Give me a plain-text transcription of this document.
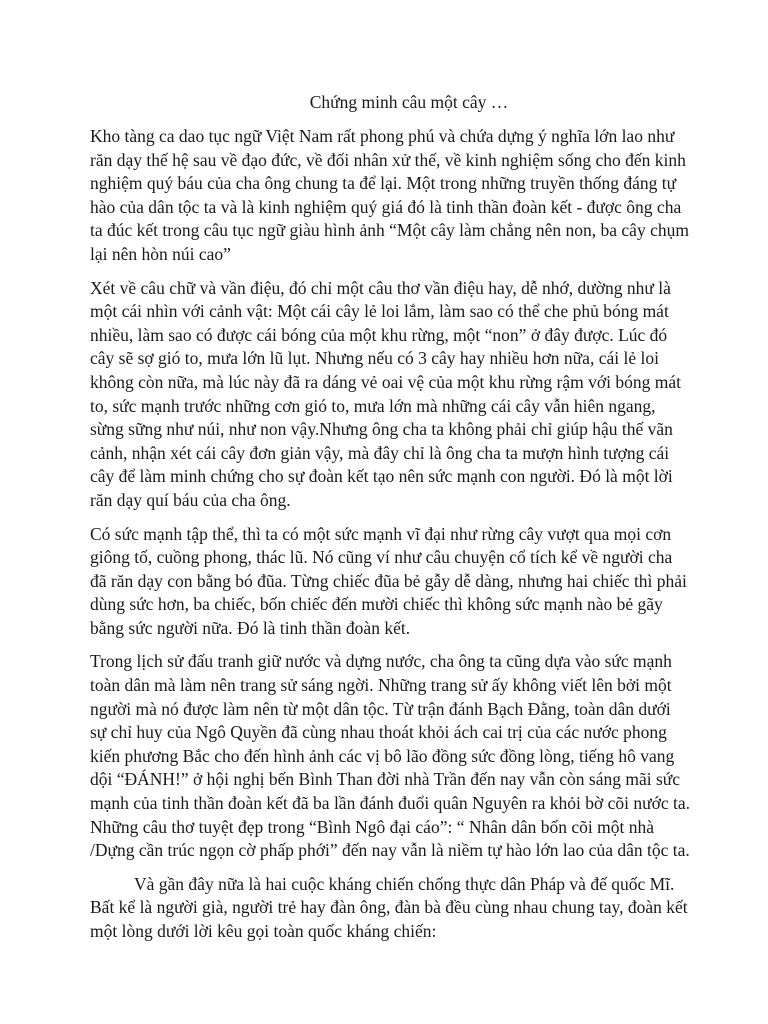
Chứng minh câu một cây …

Kho tàng ca dao tục ngữ Việt Nam rất phong phú và chứa dựng ý nghĩa lớn lao như răn dạy thế hệ sau về đạo đức, về đối nhân xử thế, về kinh nghiệm sống cho đến kinh nghiệm quý báu của cha ông chung ta để lại. Một trong những truyền thống đáng tự hào của dân tộc ta và là kinh nghiệm quý giá đó là tinh thần đoàn kết - được ông cha ta đúc kết trong câu tục ngữ giàu hình ảnh “Một cây làm chẳng nên non, ba cây chụm lại nên hòn núi cao”

Xét về câu chữ và vần điệu, đó chỉ một câu thơ vần điệu hay, dễ nhớ, dường như là một cái nhìn với cảnh vật: Một cái cây lẻ loi lắm, làm sao có thể che phủ bóng mát nhiều, làm sao có được cái bóng của một khu rừng, một “non” ở đây được. Lúc đó cây sẽ sợ gió to, mưa lớn lũ lụt. Nhưng nếu có 3 cây hay nhiều hơn nữa, cái lẻ loi không còn nữa, mà lúc này đã ra dáng vẻ oai vệ của một khu rừng rậm với bóng mát to, sức mạnh trước những cơn gió to, mưa lớn mà những cái cây vẫn hiên ngang, sừng sững như núi, như non vậy.Nhưng ông cha ta không phải chỉ giúp hậu thế vãn cảnh, nhận xét cái cây đơn giản vậy, mà đây chỉ là ông cha ta mượn hình tượng cái cây để làm minh chứng cho sự đoàn kết tạo nên sức mạnh con người. Đó là một lời răn dạy quí báu của cha ông.

Có sức mạnh tập thể, thì ta có một sức mạnh vĩ đại như rừng cây vượt qua mọi cơn giông tố, cuồng phong, thác lũ. Nó cũng ví như câu chuyện cổ tích kể về người cha đã răn dạy con bằng bó đũa. Từng chiếc đũa bẻ gẫy dễ dàng, nhưng hai chiếc thì phải dùng sức hơn, ba chiếc, bốn chiếc đến mười chiếc thì không sức mạnh nào bẻ gãy bằng sức người nữa. Đó là tinh thần đoàn kết.

Trong lịch sử đấu tranh giữ nước và dựng nước, cha ông ta cũng dựa vào sức mạnh toàn dân mà làm nên trang sử sáng ngời. Những trang sử ấy không viết lên bởi một người mà nó được làm nên từ một dân tộc. Từ trận đánh Bạch Đằng, toàn dân dưới sự chỉ huy của Ngô Quyền đã cùng nhau thoát khỏi ách cai trị của các nước phong kiến phương Bắc cho đến hình ảnh các vị bô lão đồng sức đồng lòng, tiếng hô vang dội “ĐÁNH!” ở hội nghị bến Bình Than đời nhà Trần đến nay vẫn còn sáng mãi sức mạnh của tinh thần đoàn kết đã ba lần đánh đuổi quân Nguyên ra khỏi bờ cõi nước ta. Những câu thơ tuyệt đẹp trong “Bình Ngô đại cáo”: “ Nhân dân bốn cõi một nhà /Dựng cần trúc ngọn cờ phấp phới” đến nay vẫn là niềm tự hào lớn lao của dân tộc ta.

Và gần đây nữa là hai cuộc kháng chiến chống thực dân Pháp và đế quốc Mĩ. Bất kể là người già, người trẻ hay đàn ông, đàn bà đều cùng nhau chung tay, đoàn kết một lòng dưới lời kêu gọi toàn quốc kháng chiến:
